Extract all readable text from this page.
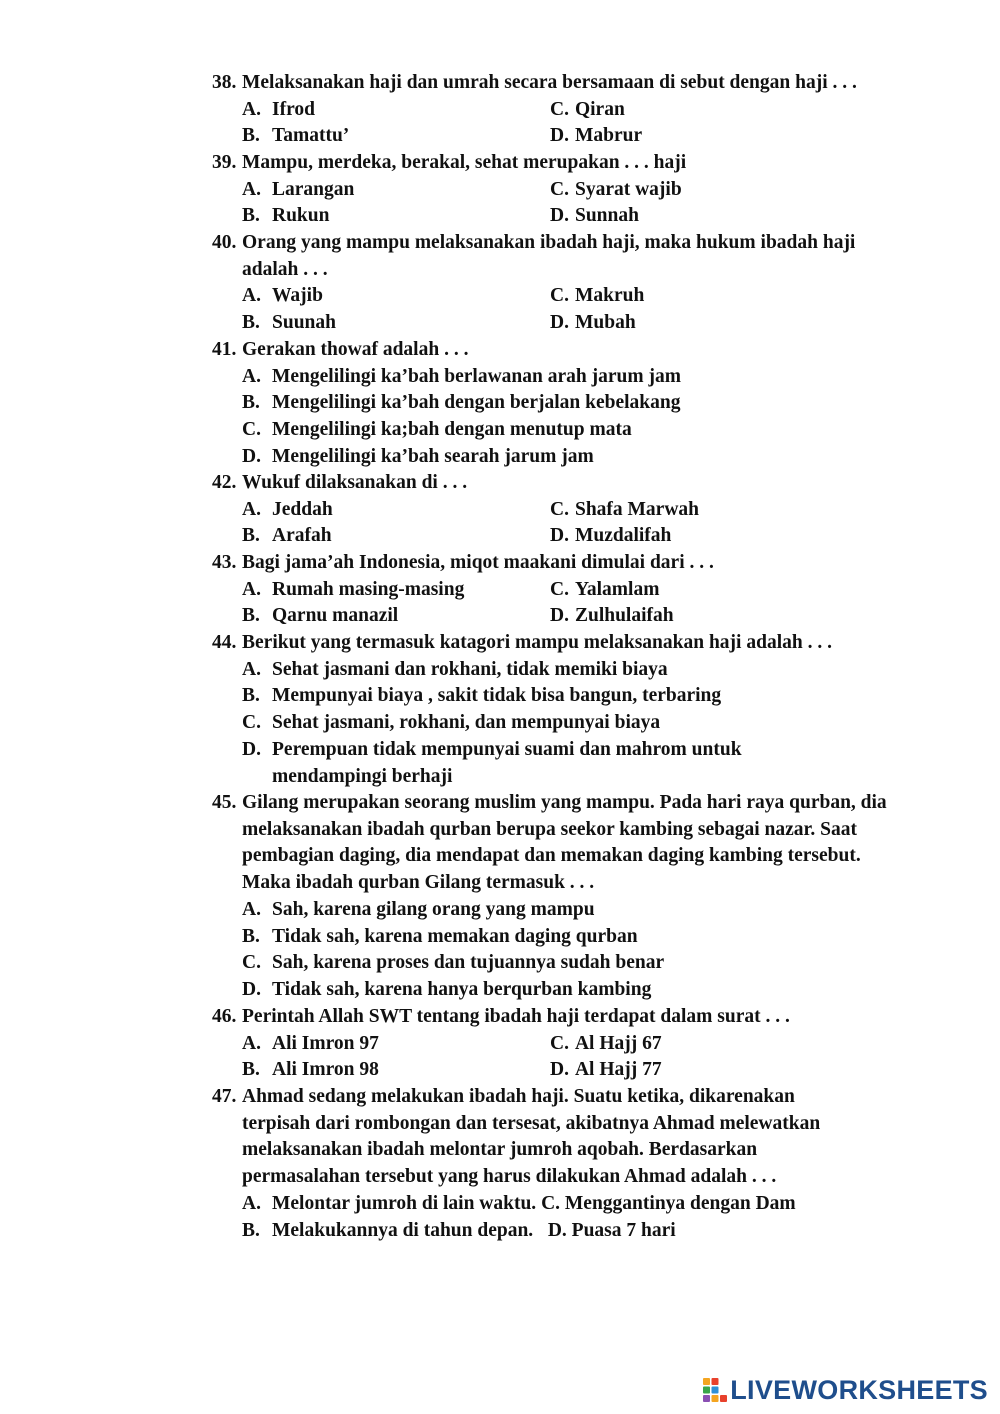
38. Melaksanakan haji dan umrah secara bersamaan di sebut dengan haji . . .
A. Ifrod	C. Qiran
B. Tamattu’	D. Mabrur
39. Mampu, merdeka, berakal, sehat merupakan . . . haji
A. Larangan	C. Syarat wajib
B. Rukun	D. Sunnah
40. Orang yang mampu melaksanakan ibadah haji, maka hukum ibadah haji adalah . . .
A. Wajib	C. Makruh
B. Suunah	D. Mubah
41. Gerakan thowaf adalah . . .
A. Mengelilingi ka’bah berlawanan arah jarum jam
B. Mengelilingi ka’bah dengan berjalan kebelakang
C. Mengelilingi ka;bah dengan menutup mata
D. Mengelilingi ka’bah searah jarum jam
42. Wukuf dilaksanakan di . . .
A. Jeddah	C. Shafa Marwah
B. Arafah	D. Muzdalifah
43. Bagi jama’ah Indonesia, miqot maakani dimulai dari . . .
A. Rumah masing-masing	C. Yalamlam
B. Qarnu manazil	D. Zulhulaifah
44. Berikut yang termasuk katagori mampu melaksanakan haji adalah . . .
A. Sehat jasmani dan rokhani, tidak memiki biaya
B. Mempunyai biaya , sakit tidak bisa bangun, terbaring
C. Sehat jasmani, rokhani, dan mempunyai biaya
D. Perempuan tidak mempunyai suami dan mahrom untuk mendampingi berhaji
45. Gilang merupakan seorang muslim yang mampu. Pada hari raya qurban, dia melaksanakan ibadah qurban berupa seekor kambing sebagai nazar. Saat pembagian daging, dia mendapat dan memakan daging kambing tersebut. Maka ibadah qurban Gilang termasuk . . .
A. Sah, karena gilang orang yang mampu
B. Tidak sah, karena memakan daging qurban
C. Sah, karena proses dan tujuannya sudah benar
D. Tidak sah, karena hanya berqurban kambing
46. Perintah Allah SWT tentang ibadah haji terdapat dalam surat . . .
A. Ali Imron 97	C. Al Hajj 67
B. Ali Imron 98	D. Al Hajj 77
47. Ahmad sedang melakukan ibadah haji. Suatu ketika, dikarenakan terpisah dari rombongan dan tersesat, akibatnya Ahmad melewatkan melaksanakan ibadah melontar jumroh aqobah. Berdasarkan permasalahan tersebut yang harus dilakukan Ahmad adalah . . .
A. Melontar jumroh di lain waktu. C. Menggantinya dengan Dam
B. Melakukannya di tahun depan. D. Puasa 7 hari
LIVEWORKSHEETS
